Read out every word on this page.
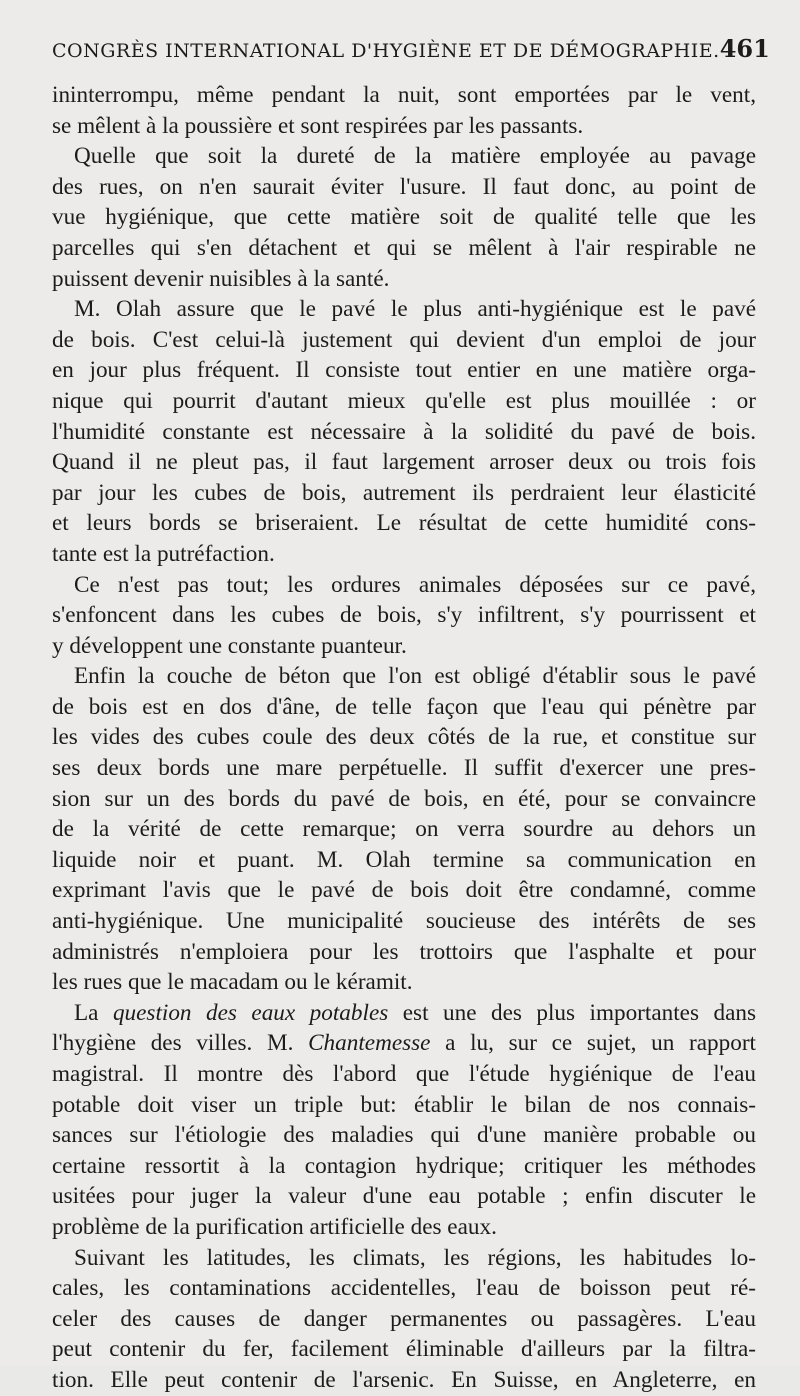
CONGRÈS INTERNATIONAL D'HYGIÈNE ET DE DÉMOGRAPHIE. 461
ininterrompu, même pendant la nuit, sont emportées par le vent,
se mêlent à la poussière et sont respirées par les passants.
Quelle que soit la dureté de la matière employée au pavage
des rues, on n'en saurait éviter l'usure. Il faut donc, au point de
vue hygiénique, que cette matière soit de qualité telle que les
parcelles qui s'en détachent et qui se mêlent à l'air respirable ne
puissent devenir nuisibles à la santé.
M. Olah assure que le pavé le plus anti-hygiénique est le pavé
de bois. C'est celui-là justement qui devient d'un emploi de jour
en jour plus fréquent. Il consiste tout entier en une matière orga-
nique qui pourrit d'autant mieux qu'elle est plus mouillée : or
l'humidité constante est nécessaire à la solidité du pavé de bois.
Quand il ne pleut pas, il faut largement arroser deux ou trois fois
par jour les cubes de bois, autrement ils perdraient leur élasticité
et leurs bords se briseraient. Le résultat de cette humidité cons-
tante est la putréfaction.
Ce n'est pas tout; les ordures animales déposées sur ce pavé,
s'enfoncent dans les cubes de bois, s'y infiltrent, s'y pourrissent et
y développent une constante puanteur.
Enfin la couche de béton que l'on est obligé d'établir sous le pavé
de bois est en dos d'âne, de telle façon que l'eau qui pénètre par
les vides des cubes coule des deux côtés de la rue, et constitue sur
ses deux bords une mare perpétuelle. Il suffit d'exercer une pres-
sion sur un des bords du pavé de bois, en été, pour se convaincre
de la vérité de cette remarque; on verra sourdre au dehors un
liquide noir et puant. M. Olah termine sa communication en
exprimant l'avis que le pavé de bois doit être condamné, comme
anti-hygiénique. Une municipalité soucieuse des intérêts de ses
administrés n'emploiera pour les trottoirs que l'asphalte et pour
les rues que le macadam ou le kéramit.
La question des eaux potables est une des plus importantes dans
l'hygiène des villes. M. Chantemesse a lu, sur ce sujet, un rapport
magistral. Il montre dès l'abord que l'étude hygiénique de l'eau
potable doit viser un triple but: établir le bilan de nos connais-
sances sur l'étiologie des maladies qui d'une manière probable ou
certaine ressortit à la contagion hydrique; critiquer les méthodes
usitées pour juger la valeur d'une eau potable ; enfin discuter le
problème de la purification artificielle des eaux.
Suivant les latitudes, les climats, les régions, les habitudes lo-
cales, les contaminations accidentelles, l'eau de boisson peut ré-
celer des causes de danger permanentes ou passagères. L'eau
peut contenir du fer, facilement éliminable d'ailleurs par la filtra-
tion. Elle peut contenir de l'arsenic. En Suisse, en Angleterre, en
